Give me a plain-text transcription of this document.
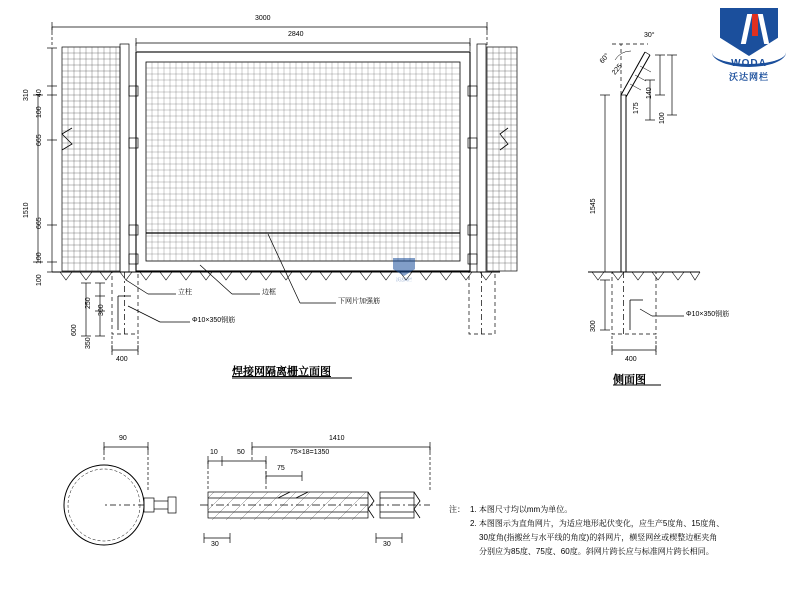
3000
2840
310 40
100
665
1510
665
100
100
250
300
600
350
400
立柱	边框
下网片加强筋
Φ10×350钢筋
焊接网隔离栅立面图
30°
60°
225
175
140
100
1545
300
400
Φ10×350钢筋
侧面图
90
10	50
1410
75×18=1350
75
30	30
注： 1. 本图尺寸均以mm为单位。
2. 本图图示为直角网片，为适应地形起伏变化，应生产5度角、15度角、
30度角(指搬丝与水平线的角度)的斜网片，横竖网丝或楔整边框夹角
分别应为85度、75度、60度。斜网片跨长应与标准网片跨长相同。
WODA
沃达网栏
沃达网栏
